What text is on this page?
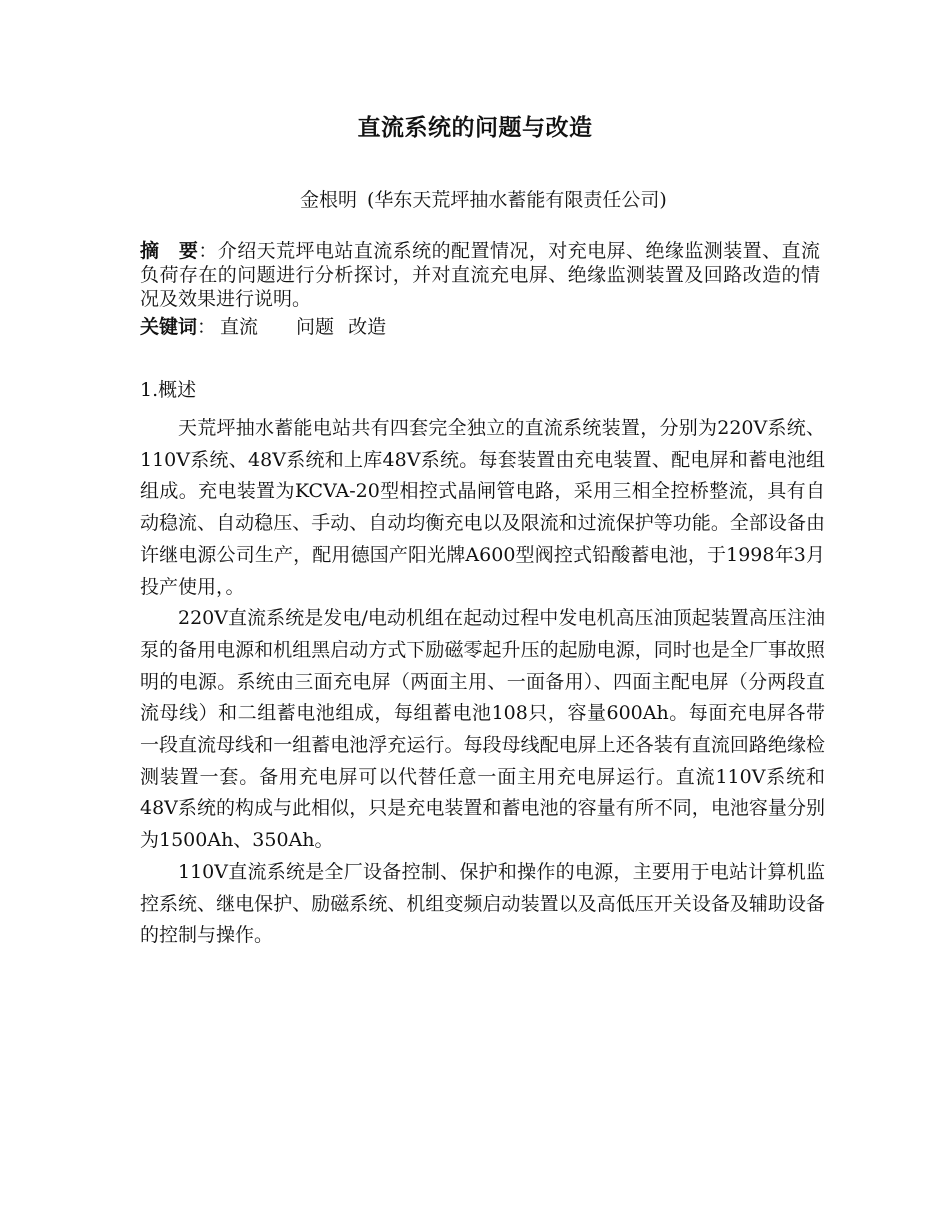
直流系统的问题与改造
金根明 (华东天荒坪抽水蓄能有限责任公司)
摘　要：介绍天荒坪电站直流系统的配置情况，对充电屏、绝缘监测装置、直流负荷存在的问题进行分析探讨，并对直流充电屏、绝缘监测装置及回路改造的情况及效果进行说明。
关键词： 直流 问题 改造
1.概述

天荒坪抽水蓄能电站共有四套完全独立的直流系统装置，分别为220V系统、110V系统、48V系统和上库48V系统。每套装置由充电装置、配电屏和蓄电池组组成。充电装置为KCVA-20型相控式晶闸管电路，采用三相全控桥整流，具有自动稳流、自动稳压、手动、自动均衡充电以及限流和过流保护等功能。全部设备由许继电源公司生产，配用德国产阳光牌A600型阀控式铅酸蓄电池，于1998年3月投产使用，。

220V直流系统是发电/电动机组在起动过程中发电机高压油顶起装置高压注油泵的备用电源和机组黑启动方式下励磁零起升压的起励电源，同时也是全厂事故照明的电源。系统由三面充电屏（两面主用、一面备用）、四面主配电屏（分两段直流母线）和二组蓄电池组成，每组蓄电池108只，容量600Ah。每面充电屏各带一段直流母线和一组蓄电池浮充运行。每段母线配电屏上还各装有直流回路绝缘检测装置一套。备用充电屏可以代替任意一面主用充电屏运行。直流110V系统和48V系统的构成与此相似，只是充电装置和蓄电池的容量有所不同，电池容量分别为1500Ah、350Ah。

110V直流系统是全厂设备控制、保护和操作的电源，主要用于电站计算机监控系统、继电保护、励磁系统、机组变频启动装置以及高低压开关设备及辅助设备的控制与操作。
